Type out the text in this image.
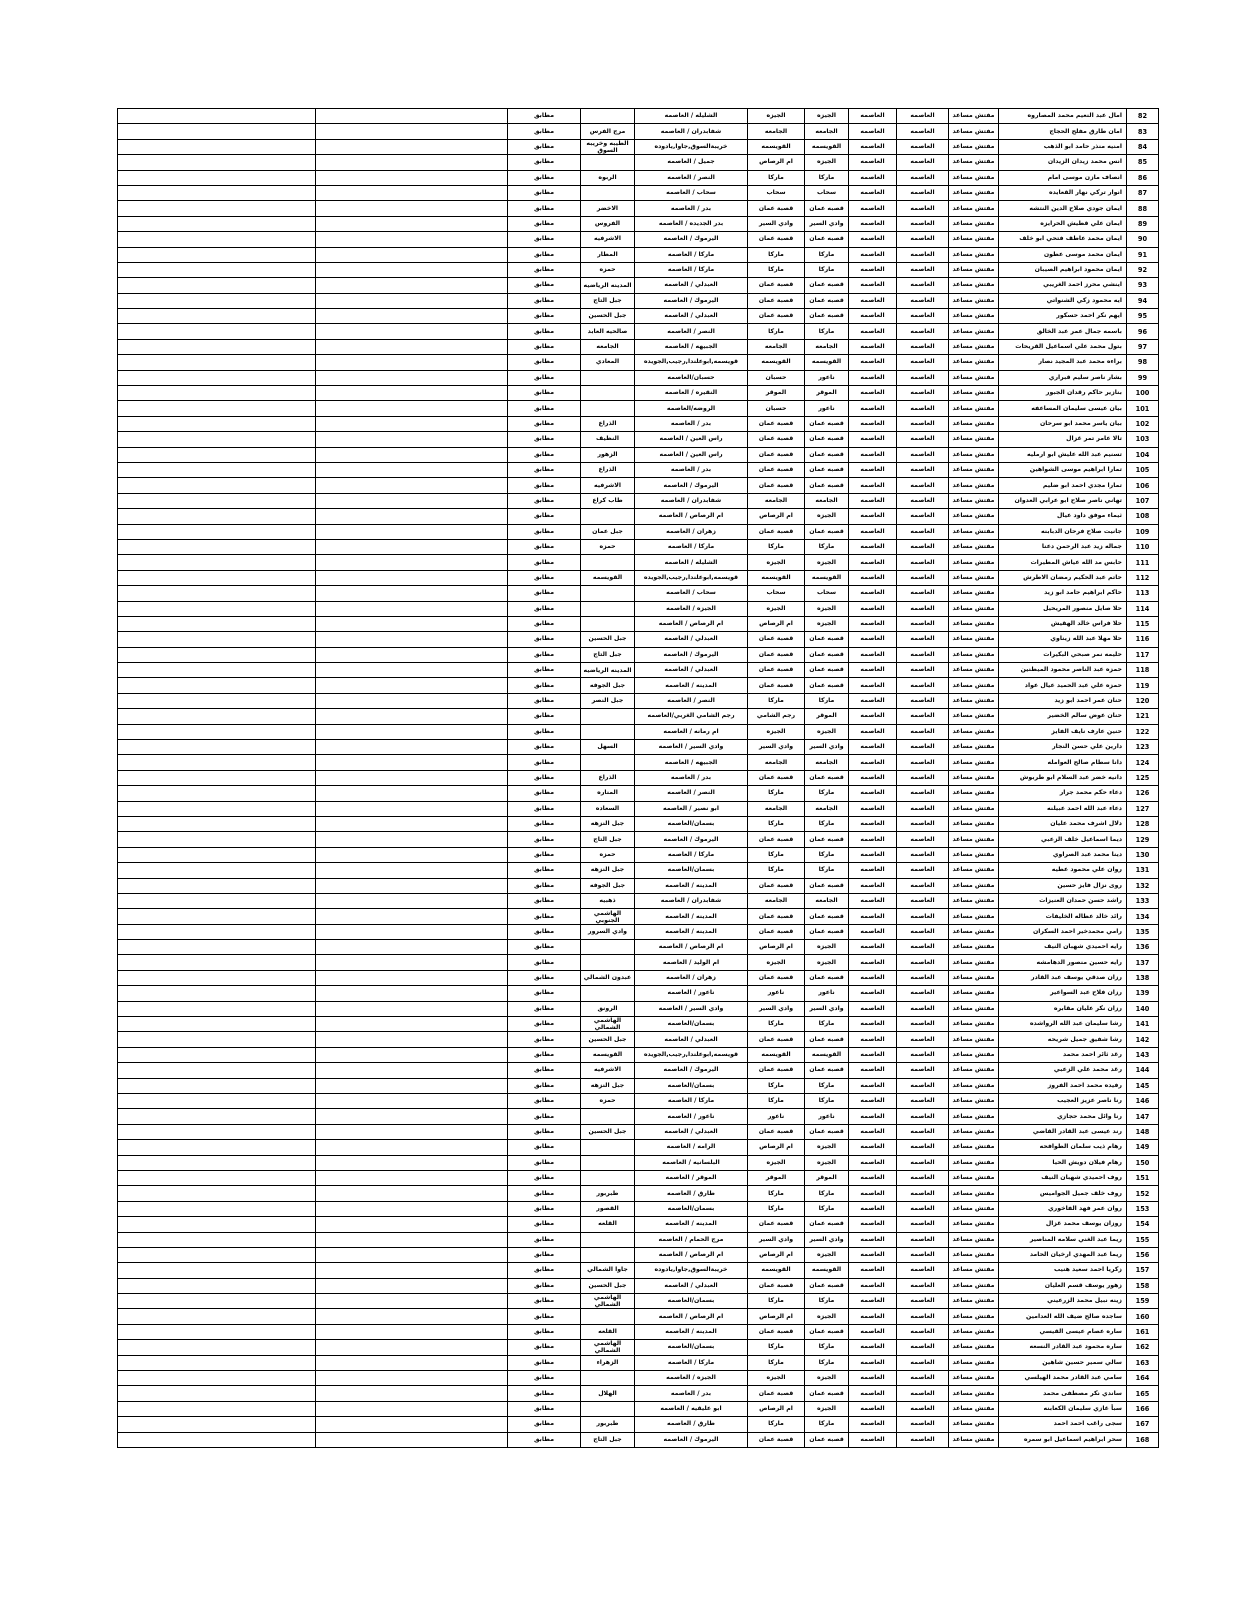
		مطابق		الشليله / العاصمه	الجيزه	الجيزه	العاصمه	العاصمه	مفتش مساعد	امال عبد النعيم محمد المصاروه	82
		مطابق	مرج الفرس	شفابدران / العاصمه	الجامعه	الجامعه	العاصمه	العاصمه	مفتش مساعد	امان طارق مفلح الحجاج	83
		مطابق	الطيبه وخريبه السوق	خريبةالسوق,جاوا,يادوده	القويسمه	القويسمه	العاصمه	العاصمه	مفتش مساعد	امنيه منذر حامد ابو الذهب	84
		مطابق		جميل / العاصمه	ام الرصاص	الجيزه	العاصمه	العاصمه	مفتش مساعد	انس محمد زيدان الزيدان	85
		مطابق	الربوه	النصر / العاصمه	ماركا	ماركا	العاصمه	العاصمه	مفتش مساعد	انصاف مازن موسى امام	86
		مطابق		سحاب / العاصمه	سحاب	سحاب	العاصمه	العاصمه	مفتش مساعد	انوار تركي نهار القعايده	87
		مطابق	الاخضر	بدر / العاصمه	قصبة عمان	قصبه عمان	العاصمه	العاصمه	مفتش مساعد	ايمان جودي صلاح الدين النتشه	88
		مطابق	الفروس	بدر الجديده / العاصمه	وادي السير	وادي السير	العاصمه	العاصمه	مفتش مساعد	ايمان علي قطيش الحرايزه	89
		مطابق	الاشرفيه	اليرموك / العاصمه	قصبة عمان	قصبه عمان	العاصمه	العاصمه	مفتش مساعد	ايمان محمد عاطف فتحي ابو خلف	90
		مطابق	المطار	ماركا / العاصمه	ماركا	ماركا	العاصمه	العاصمه	مفتش مساعد	ايمان محمد موسى عطون	91
		مطابق	حمزه	ماركا / العاصمه	ماركا	ماركا	العاصمه	العاصمه	مفتش مساعد	ايمان محمود ابراهيم الصيبان	92
		مطابق	المدينه الرياضيه	العبدلي / العاصمه	قصبة عمان	قصبه عمان	العاصمه	العاصمه	مفتش مساعد	اينشي محرز احمد الغريبي	93
		مطابق	جبل التاج	اليرموك / العاصمه	قصبة عمان	قصبه عمان	العاصمه	العاصمه	مفتش مساعد	ايه محمود زكي الشنواتي	94
		مطابق	جبل الحسين	العبدلي / العاصمه	قصبة عمان	قصبه عمان	العاصمه	العاصمه	مفتش مساعد	ايهم نكر احمد حسكور	95
		مطابق	صالحيه العابد	النصر / العاصمه	ماركا	ماركا	العاصمه	العاصمه	مفتش مساعد	باسمه جمال عمر عبد الخالق	96
		مطابق	الجامعه	الجبيهه / العاصمه	الجامعه	الجامعه	العاصمه	العاصمه	مفتش مساعد	بتول محمد علي اسماعيل القريحات	97
		مطابق	المعادي	قويسمه,ابوعلندا,رجيب,الجويده	القويسمه	القويسمه	العاصمه	العاصمه	مفتش مساعد	براءه محمد عبد المجيد نصار	98
		مطابق		حسبان/العاصمه	حسبان	ناعور	العاصمه	العاصمه	مفتش مساعد	بشار ناصر سليم قبراري	99
		مطابق		النقيره / العاصمه	الموقر	الموقر	العاصمه	العاصمه	مفتش مساعد	بنازير حاكم رقدان الجبور	100
		مطابق		الروضه/العاصمه	حسبان	ناعور	العاصمه	العاصمه	مفتش مساعد	بيان عيسى سليمان المساعفه	101
		مطابق	الذراع	بدر / العاصمه	قصبة عمان	قصبه عمان	العاصمه	العاصمه	مفتش مساعد	بيان ياسر محمد ابو سرحان	102
		مطابق	النظيف	راس العين / العاصمه	قصبة عمان	قصبه عمان	العاصمه	العاصمه	مفتش مساعد	تالا عامر تمر غزال	103
		مطابق	الزهور	راس العين / العاصمه	قصبة عمان	قصبه عمان	العاصمه	العاصمه	مفتش مساعد	تسنيم عبد الله عليش ابو ارمليه	104
		مطابق	الذراع	بدر / العاصمه	قصبة عمان	قصبه عمان	العاصمه	العاصمه	مفتش مساعد	تمارا ابراهيم موسى الشواهين	105
		مطابق	الاشرفيه	اليرموك / العاصمه	قصبة عمان	قصبه عمان	العاصمه	العاصمه	مفتش مساعد	تمارا مجدي احمد ابو ضليم	106
		مطابق	طاب كراع	شفابدران / العاصمه	الجامعه	الجامعه	العاصمه	العاصمه	مفتش مساعد	تهاني ناصر صلاح ابو عرابي العدوان	107
		مطابق		ام الرصاص / العاصمه	ام الرصاص	الجيزه	العاصمه	العاصمه	مفتش مساعد	ثيماء موفق داود عيال	108
		مطابق	جبل عمان	زهران / العاصمه	قصبة عمان	قصبه عمان	العاصمه	العاصمه	مفتش مساعد	جانيت صلاح فرحان الدبابنه	109
		مطابق	حمزه	ماركا / العاصمه	ماركا	ماركا	العاصمه	العاصمه	مفتش مساعد	جماله زيد عبد الرحمن دعنا	110
		مطابق		الشليله / العاصمه	الجيزه	الجيزه	العاصمه	العاصمه	مفتش مساعد	حابس مد الله عياش المطيرات	111
		مطابق	القويسمه	قويسمه,ابوعلندا,رجيب,الجويده	القويسمه	القويسمه	العاصمه	العاصمه	مفتش مساعد	حاتم عبد الحكيم رمضان الاطرش	112
		مطابق		سحاب / العاصمه	سحاب	سحاب	العاصمه	العاصمه	مفتش مساعد	حاكم ابراهيم حامد ابو زيد	113
		مطابق		الجيزه / العاصمه	الجيزه	الجيزه	العاصمه	العاصمه	مفتش مساعد	حلا صايل منصور المريحيل	114
		مطابق		ام الرصاص / العاصمه	ام الرصاص	الجيزه	العاصمه	العاصمه	مفتش مساعد	حلا فراس خالد الهقيش	115
		مطابق	جبل الحسين	العبدلي / العاصمه	قصبة عمان	قصبه عمان	العاصمه	العاصمه	مفتش مساعد	حلا مهلا عبد الله زيناوي	116
		مطابق	جبل التاج	اليرموك / العاصمه	قصبة عمان	قصبه عمان	العاصمه	العاصمه	مفتش مساعد	حليمه نمر صبحي البكيرات	117
		مطابق	المدينه الرياضيه	العبدلي / العاصمه	قصبة عمان	قصبه عمان	العاصمه	العاصمه	مفتش مساعد	حمزه عبد الناصر محمود الميطنين	118
		مطابق	جبل الجوفه	المدينه / العاصمه	قصبة عمان	قصبه عمان	العاصمه	العاصمه	مفتش مساعد	حمزه علي عبد الحميد عيال عواد	119
		مطابق	جبل النصر	النصر / العاصمه	ماركا	ماركا	العاصمه	العاصمه	مفتش مساعد	حنان عمر احمد ابو زيد	120
		مطابق		رجم الشامي الغربي/العاصمه	رجم الشامي	الموقر	العاصمه	العاصمه	مفتش مساعد	حنان عوض سالم الخضير	121
		مطابق		ام رمانه / العاصمه	الجيزه	الجيزه	العاصمه	العاصمه	مفتش مساعد	حنين عارف نايف الفايز	122
		مطابق	السهل	وادي السير / العاصمه	وادي السير	وادي السير	العاصمه	العاصمه	مفتش مساعد	دارين علي حسن النجار	123
		مطابق		الجبيهه / العاصمه	الجامعه	الجامعه	العاصمه	العاصمه	مفتش مساعد	دانا سطام صالح العوامله	124
		مطابق	الذراع	بدر / العاصمه	قصبة عمان	قصبه عمان	العاصمه	العاصمه	مفتش مساعد	دانيه خضر عبد السلام ابو طربوش	125
		مطابق	المناره	النصر / العاصمه	ماركا	ماركا	العاصمه	العاصمه	مفتش مساعد	دعاء حكم محمد جرار	126
		مطابق	السعاده	ابو نصير / العاصمه	الجامعه	الجامعه	العاصمه	العاصمه	مفتش مساعد	دعاء عبد الله احمد عبيلنه	127
		مطابق	جبل النزهه	بسمان/العاصمه	ماركا	ماركا	العاصمه	العاصمه	مفتش مساعد	دلال اشرف محمد عليان	128
		مطابق	جبل التاج	اليرموك / العاصمه	قصبة عمان	قصبه عمان	العاصمه	العاصمه	مفتش مساعد	ديما اسماعيل خلف الزعبي	129
		مطابق	حمزه	ماركا / العاصمه	ماركا	ماركا	العاصمه	العاصمه	مفتش مساعد	دينا محمد عبد الصراوي	130
		مطابق	جبل النزهه	بسمان/العاصمه	ماركا	ماركا	العاصمه	العاصمه	مفتش مساعد	روان علي محمود عطيه	131
		مطابق	جبل الجوفه	المدينه / العاصمه	قصبة عمان	قصبه عمان	العاصمه	العاصمه	مفتش مساعد	روى نزال فايز حسين	132
		مطابق	ذهبيه	شفابدران / العاصمه	الجامعه	الجامعه	العاصمه	العاصمه	مفتش مساعد	راشد حسن حمدان العنيزات	133
		مطابق	الهاشمي الجنوبي	المدينه / العاصمه	قصبة عمان	قصبه عمان	العاصمه	العاصمه	مفتش مساعد	رائد خالد عطاله الخليفات	134
		مطابق	وادي السرور	المدينه / العاصمه	قصبة عمان	قصبه عمان	العاصمه	العاصمه	مفتش مساعد	رامي محمدخير احمد السكران	135
		مطابق		ام الرصاص / العاصمه	ام الرصاص	الجيزه	العاصمه	العاصمه	مفتش مساعد	رايه احميدي شهبان النيف	136
		مطابق		ام الوليد / العاصمه	الجيزه	الجيزه	العاصمه	العاصمه	مفتش مساعد	رايه حسين منصور الدهامشه	137
		مطابق	عبدون الشمالي	زهران / العاصمه	قصبة عمان	قصبه عمان	العاصمه	العاصمه	مفتش مساعد	رزان صدقي يوسف عبد القادر	138
		مطابق		ناعور / العاصمه	ناعور	ناعور	العاصمه	العاصمه	مفتش مساعد	رزان فلاح عبد السواعير	139
		مطابق	الرونق	وادي السير / العاصمه	وادي السير	وادي السير	العاصمه	العاصمه	مفتش مساعد	رزان نكر عليان مقابره	140
		مطابق	الهاشمي الشمالي	بسمان/العاصمه	ماركا	ماركا	العاصمه	العاصمه	مفتش مساعد	رشا سليمان عبد الله الرواشده	141
		مطابق	جبل الحسين	العبدلي / العاصمه	قصبة عمان	قصبه عمان	العاصمه	العاصمه	مفتش مساعد	رشا شفيق جميل شريحه	142
		مطابق	القويسمه	قويسمه,ابوعلندا,رجيب,الجويده	القويسمه	القويسمه	العاصمه	العاصمه	مفتش مساعد	رغد ثائر احمد محمد	143
		مطابق	الاشرفيه	اليرموك / العاصمه	قصبة عمان	قصبه عمان	العاصمه	العاصمه	مفتش مساعد	رغد محمد علي الزعبي	144
		مطابق	جبل النزهه	بسمان/العاصمه	ماركا	ماركا	العاصمه	العاصمه	مفتش مساعد	رفيده محمد احمد الفروز	145
		مطابق	حمزه	ماركا / العاصمه	ماركا	ماركا	العاصمه	العاصمه	مفتش مساعد	رنا ناصر عزيز العجيب	146
		مطابق		ناعور / العاصمه	ناعور	ناعور	العاصمه	العاصمه	مفتش مساعد	رنا وائل محمد حجازي	147
		مطابق	جبل الحسين	العبدلي / العاصمه	قصبة عمان	قصبه عمان	العاصمه	العاصمه	مفتش مساعد	رند عيسى عبد القادر القاضي	148
		مطابق		الرامه / العاصمه	ام الرصاص	الجيزه	العاصمه	العاصمه	مفتش مساعد	رهام ذيب سلمان الطوافحه	149
		مطابق		البلسانيه / العاصمه	الجيزه	الجيزه	العاصمه	العاصمه	مفتش مساعد	رهام فيلان دويش الحيا	150
		مطابق		الموقر / العاصمه	الموقر	الموقر	العاصمه	العاصمه	مفتش مساعد	روف احميدي شهبان النيف	151
		مطابق	طبربور	طارق / العاصمه	ماركا	ماركا	العاصمه	العاصمه	مفتش مساعد	روف خلف جميل الجواميس	152
		مطابق	القصور	بسمان/العاصمه	ماركا	ماركا	العاصمه	العاصمه	مفتش مساعد	روان عمر فهد الفاخوري	153
		مطابق	القلعه	المدينه / العاصمه	قصبة عمان	قصبه عمان	العاصمه	العاصمه	مفتش مساعد	روزان يوسف محمد غزال	154
		مطابق		مرج الحمام / العاصمه	وادي السير	وادي السير	العاصمه	العاصمه	مفتش مساعد	ريما عبد الغني سلامه المناصير	155
		مطابق		ام الرصاص / العاصمه	ام الرصاص	الجيزه	العاصمه	العاصمه	مفتش مساعد	ريما عبد المهدي ارخيان الحامد	156
		مطابق	جاوا الشمالي	خريبةالسوق,جاوا,يادوده	القويسمه	القويسمه	العاصمه	العاصمه	مفتش مساعد	زكريا احمد سعيد هنيب	157
		مطابق	جبل الحسين	العبدلي / العاصمه	قصبة عمان	قصبه عمان	العاصمه	العاصمه	مفتش مساعد	زهور يوسف قسم العليان	158
		مطابق	الهاشمي الشمالي	بسمان/العاصمه	ماركا	ماركا	العاصمه	العاصمه	مفتش مساعد	زينه نبيل محمد الزرعيني	159
		مطابق		ام الرصاص / العاصمه	ام الرصاص	الجيزه	العاصمه	العاصمه	مفتش مساعد	ساجده صالح ضيف الله العدامين	160
		مطابق	القلعه	المدينه / العاصمه	قصبة عمان	قصبه عمان	العاصمه	العاصمه	مفتش مساعد	ساره عصام عيسى القيسي	161
		مطابق	الهاشمي الشمالي	بسمان/العاصمه	ماركا	ماركا	العاصمه	العاصمه	مفتش مساعد	ساره محمود عبد القادر النسعه	162
		مطابق	الزهراء	ماركا / العاصمه	ماركا	ماركا	العاصمه	العاصمه	مفتش مساعد	سالي سمير حسين شاهين	163
		مطابق		الجيزه / العاصمه	الجيزه	الجيزه	العاصمه	العاصمه	مفتش مساعد	سامي عبد القادر محمد الهيلسي	164
		مطابق	الهلال	بدر / العاصمه	قصبة عمان	قصبه عمان	العاصمه	العاصمه	مفتش مساعد	ساندي نكر مصطفى محمد	165
		مطابق		ابو عليقيه / العاصمه	ام الرصاص	الجيزه	العاصمه	العاصمه	مفتش مساعد	سبأ غازي سليمان الكعابنه	166
		مطابق	طبربور	طارق / العاصمه	ماركا	ماركا	العاصمه	العاصمه	مفتش مساعد	سجى راغب احمد احمد	167
		مطابق	جبل التاج	اليرموك / العاصمه	قصبة عمان	قصبه عمان	العاصمه	العاصمه	مفتش مساعد	سحر ابراهيم اسماعيل ابو سمره	168
